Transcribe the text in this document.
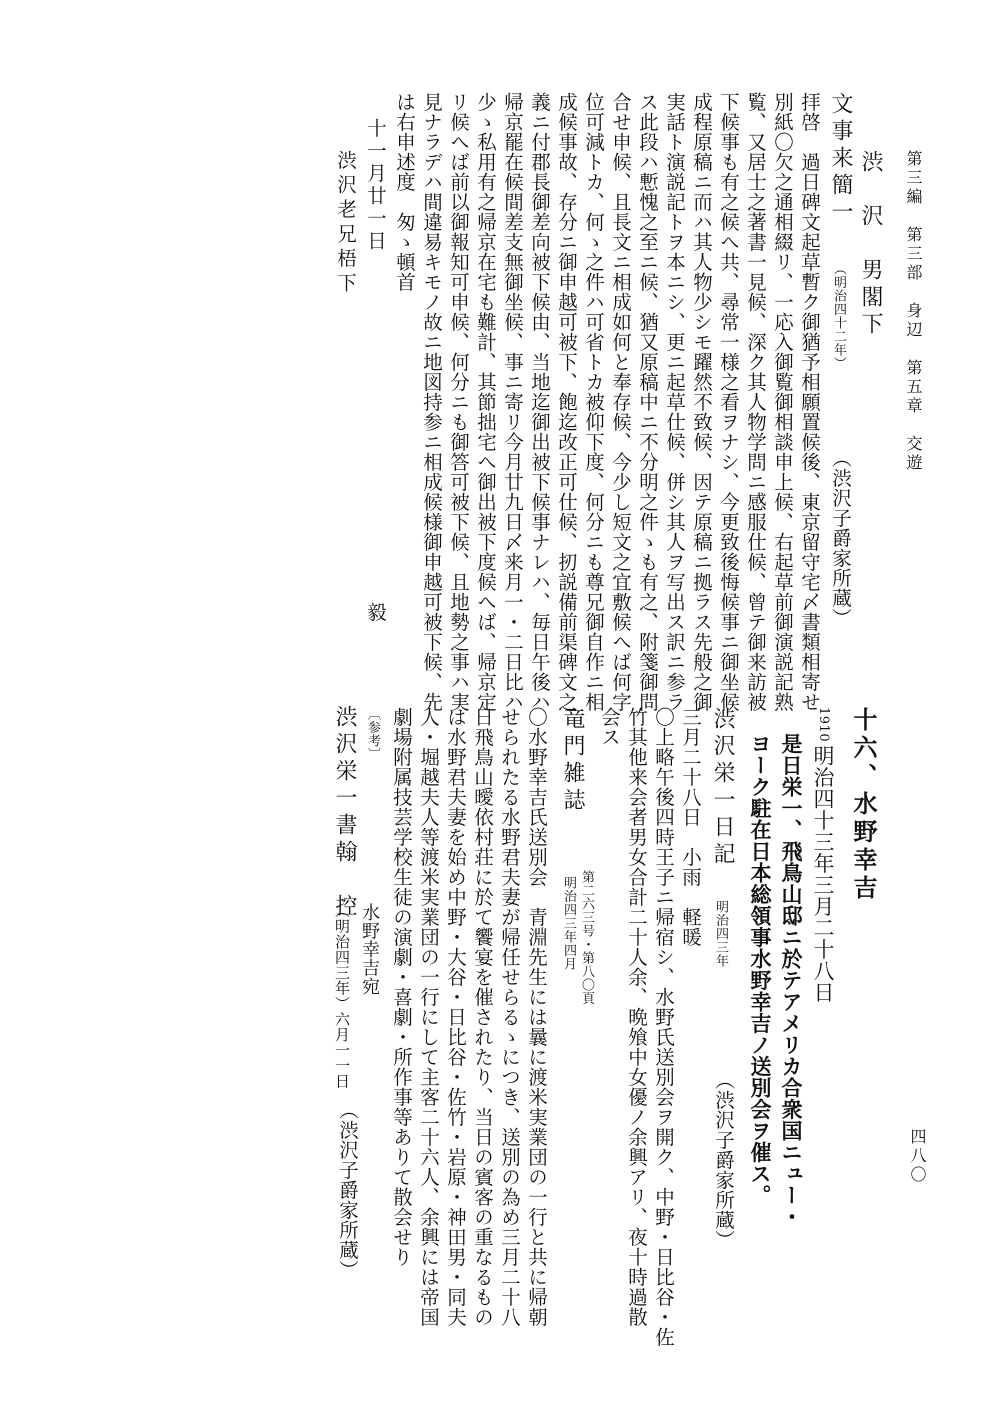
第三編　第三部　身辺　第五章　交遊
四八〇
渋　沢　男閣下
文事来簡一
（明治四十二年）
（渋沢子爵家所蔵）
拝啓　過日碑文起草暫ク御猶予相願置候後、東京留守宅〆書類相寄せ
別紙〇欠之通相綴リ、一応入御覧御相談申上候、右起草前御演説記熟
覧、又居士之著書一見候、深ク其人物学問ニ感服仕候、曾テ御来訪被
下候事も有之候へ共、尋常一様之看ヲナシ、今更致後悔候事ニ御坐候
成程原稿ニ而ハ其人物少シモ躍然不致候、因テ原稿ニ拠ラス先般之御
実話ト演説記トヲ本ニシ、更ニ起草仕候、併シ其人ヲ写出ス訳ニ参ラ
ス此段ハ慙愧之至ニ候、猶又原稿中ニ不分明之件ゝも有之、附箋御問
合せ申候、且長文ニ相成如何と奉存候、今少し短文之宜敷候へば何字
位可減トカ、何ゝ之件ハ可省トカ被仰下度、何分ニも尊兄御自作ニ相
成候事故、存分ニ御申越可被下、飽迄改正可仕候、扨説備前渠碑文之
義ニ付郡長御差向被下候由、当地迄御出被下候事ナレハ、毎日午後ハ
帰京罷在候間差支無御坐候、事ニ寄リ今月廿九日〆来月一・二日比ハ
少ゝ私用有之帰京在宅も難計、其節拙宅へ御出被下度候へば、帰京定
リ候へば前以御報知可申候、何分ニも御答可被下候、且地勢之事ハ実
見ナラデハ間違易キモノ故ニ地図持参ニ相成候様御申越可被下候、先
は右申述度　匆ゝ頓首
十一月廿一日
毅
渋沢老兄梧下
十六、水野幸吉
1910
明治四十三年三月二十八日
是日栄一、飛鳥山邸ニ於テアメリカ合衆国ニュー・
ヨーク駐在日本総領事水野幸吉ノ送別会ヲ催ス。
渋沢栄一日記
明治四三年
（渋沢子爵家所蔵）
三月二十八日　小雨　軽暖
〇上略午後四時王子ニ帰宿シ、水野氏送別会ヲ開ク、中野・日比谷・佐
竹其他来会者男女合計二十人余、晩飧中女優ノ余興アリ、夜十時過散
会ス
竜門雑誌
第二六三号・第八〇頁
明治四三年四月
〇水野幸吉氏送別会　青淵先生には曩に渡米実業団の一行と共に帰朝
せられたる水野君夫妻が帰任せらるゝにつき、送別の為め三月二十八
日飛鳥山曖依村荘に於て饗宴を催されたり、当日の賓客の重なるもの
は水野君夫妻を始め中野・大谷・日比谷・佐竹・岩原・神田男・同夫
人・堀越夫人等渡米実業団の一行にして主客二十六人、余興には帝国
劇場附属技芸学校生徒の演劇・喜劇・所作事等ありて散会せり
〔参考〕
渋沢栄一書翰　控
水野幸吉宛
（明治四三年）六月一一日
（渋沢子爵家所蔵）
